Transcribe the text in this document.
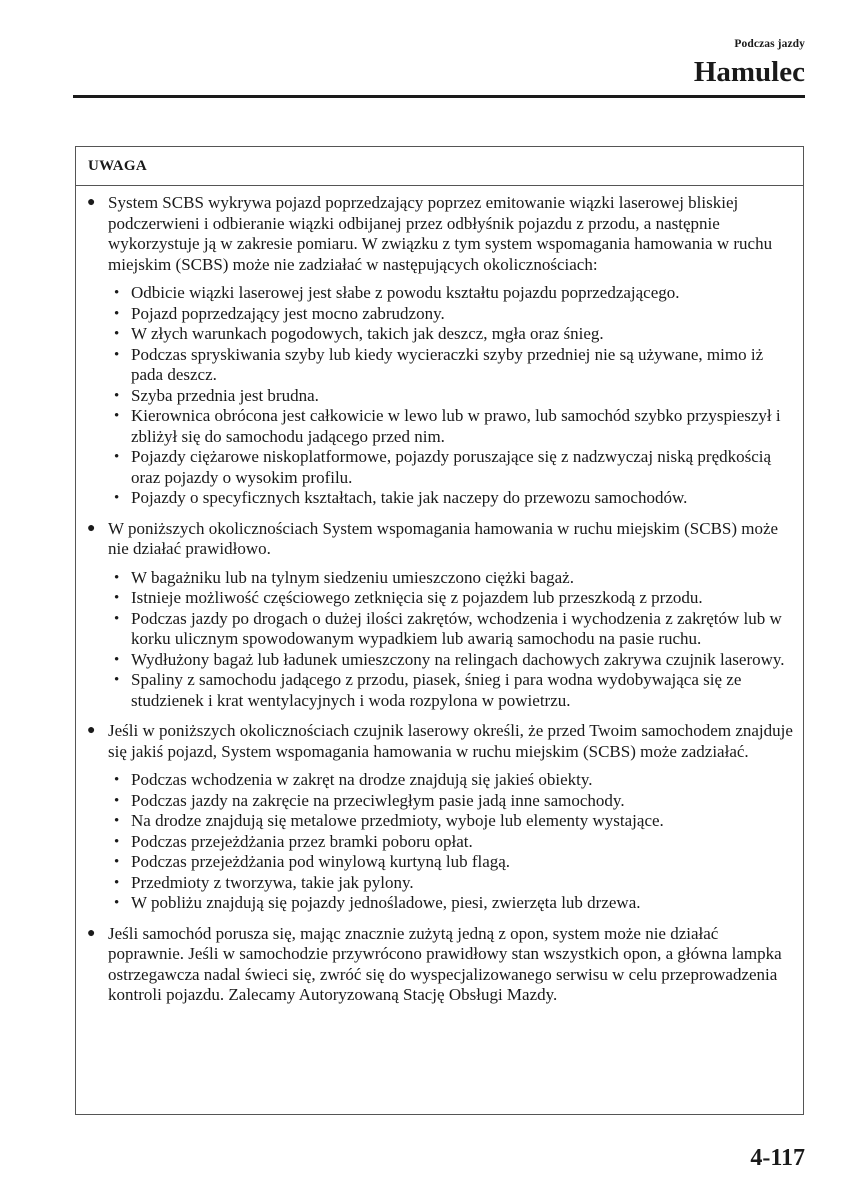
Podczas jazdy
Hamulec
UWAGA
● System SCBS wykrywa pojazd poprzedzający poprzez emitowanie wiązki laserowej bliskiej podczerwieni i odbieranie wiązki odbijanej przez odbłyśnik pojazdu z przodu, a następnie wykorzystuje ją w zakresie pomiaru. W związku z tym system wspomagania hamowania w ruchu miejskim (SCBS) może nie zadziałać w następujących okolicznościach:
• Odbicie wiązki laserowej jest słabe z powodu kształtu pojazdu poprzedzającego.
• Pojazd poprzedzający jest mocno zabrudzony.
• W złych warunkach pogodowych, takich jak deszcz, mgła oraz śnieg.
• Podczas spryskiwania szyby lub kiedy wycieraczki szyby przedniej nie są używane, mimo iż pada deszcz.
• Szyba przednia jest brudna.
• Kierownica obrócona jest całkowicie w lewo lub w prawo, lub samochód szybko przyspieszył i zbliżył się do samochodu jadącego przed nim.
• Pojazdy ciężarowe niskoplatformowe, pojazdy poruszające się z nadzwyczaj niską prędkością oraz pojazdy o wysokim profilu.
• Pojazdy o specyficznych kształtach, takie jak naczepy do przewozu samochodów.
● W poniższych okolicznościach System wspomagania hamowania w ruchu miejskim (SCBS) może nie działać prawidłowo.
• W bagażniku lub na tylnym siedzeniu umieszczono ciężki bagaż.
• Istnieje możliwość częściowego zetknięcia się z pojazdem lub przeszkodą z przodu.
• Podczas jazdy po drogach o dużej ilości zakrętów, wchodzenia i wychodzenia z zakrętów lub w korku ulicznym spowodowanym wypadkiem lub awarią samochodu na pasie ruchu.
• Wydłużony bagaż lub ładunek umieszczony na relingach dachowych zakrywa czujnik laserowy.
• Spaliny z samochodu jadącego z przodu, piasek, śnieg i para wodna wydobywająca się ze studzienek i krat wentylacyjnych i woda rozpylona w powietrzu.
● Jeśli w poniższych okolicznościach czujnik laserowy określi, że przed Twoim samochodem znajduje się jakiś pojazd, System wspomagania hamowania w ruchu miejskim (SCBS) może zadziałać.
• Podczas wchodzenia w zakręt na drodze znajdują się jakieś obiekty.
• Podczas jazdy na zakręcie na przeciwległym pasie jadą inne samochody.
• Na drodze znajdują się metalowe przedmioty, wyboje lub elementy wystające.
• Podczas przejeżdżania przez bramki poboru opłat.
• Podczas przejeżdżania pod winylową kurtyną lub flagą.
• Przedmioty z tworzywa, takie jak pylony.
• W pobliżu znajdują się pojazdy jednośladowe, piesi, zwierzęta lub drzewa.
● Jeśli samochód porusza się, mając znacznie zużytą jedną z opon, system może nie działać poprawnie. Jeśli w samochodzie przywrócono prawidłowy stan wszystkich opon, a główna lampka ostrzegawcza nadal świeci się, zwróć się do wyspecjalizowanego serwisu w celu przeprowadzenia kontroli pojazdu. Zalecamy Autoryzowaną Stację Obsługi Mazdy.
4-117
